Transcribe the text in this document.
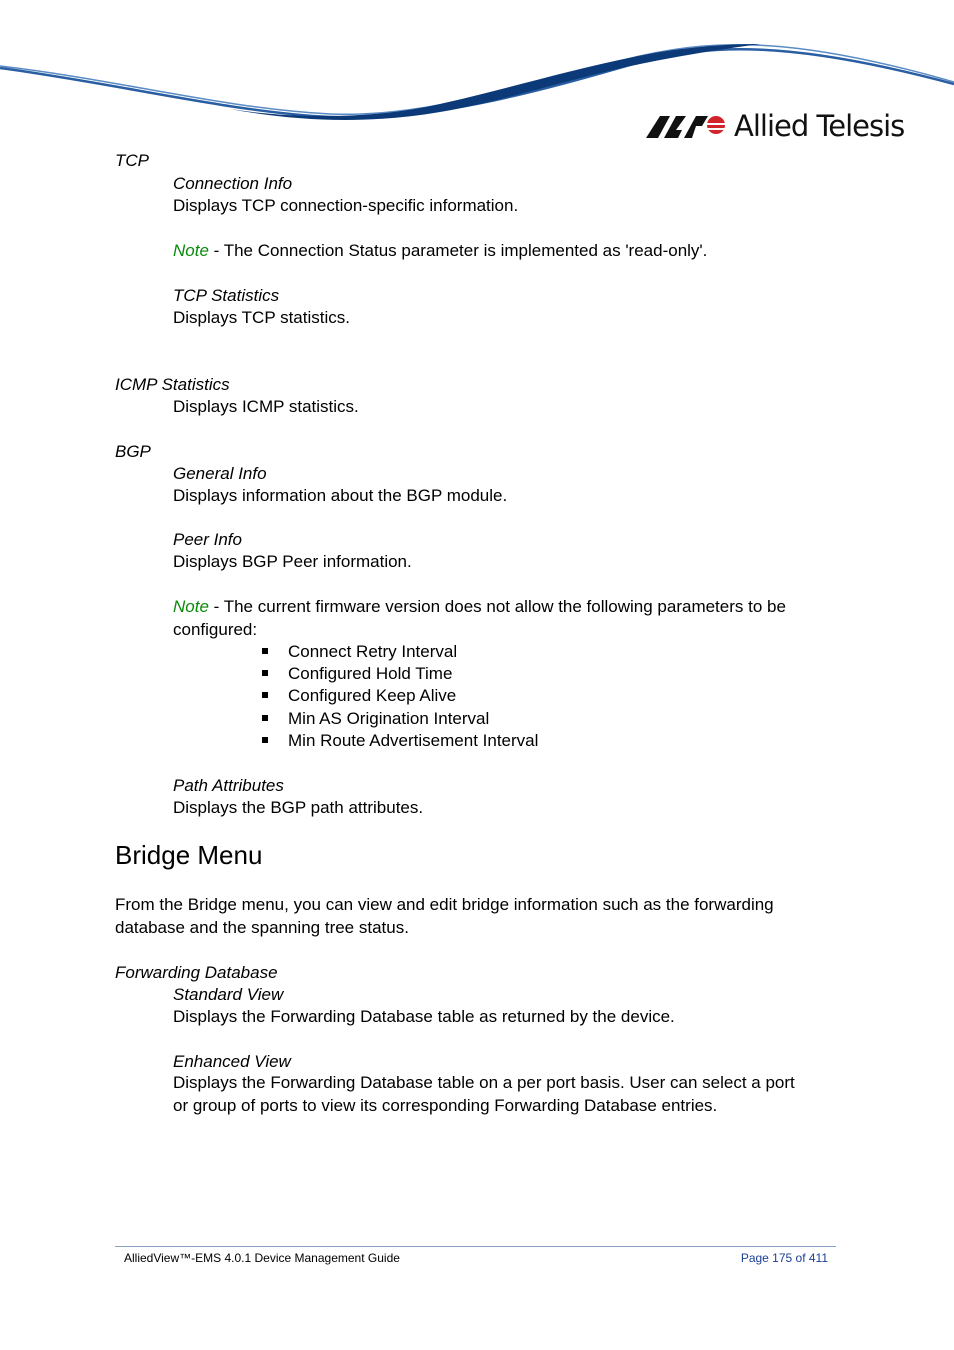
Allied Telesis
TCP
Connection Info
Displays TCP connection-specific information.
Note - The Connection Status parameter is implemented as 'read-only'.
TCP Statistics
Displays TCP statistics.
ICMP Statistics
Displays ICMP statistics.
BGP
General Info
Displays information about the BGP module.
Peer Info
Displays BGP Peer information.
Note - The current firmware version does not allow the following parameters to be
configured:
Connect Retry Interval
Configured Hold Time
Configured Keep Alive
Min AS Origination Interval
Min Route Advertisement Interval
Path Attributes
Displays the BGP path attributes.
Bridge Menu
From the Bridge menu, you can view and edit bridge information such as the forwarding
database and the spanning tree status.
Forwarding Database
Standard View
Displays the Forwarding Database table as returned by the device.
Enhanced View
Displays the Forwarding Database table on a per port basis. User can select a port
or group of ports to view its corresponding Forwarding Database entries.
AlliedView™-EMS 4.0.1 Device Management Guide	Page 175 of 411
